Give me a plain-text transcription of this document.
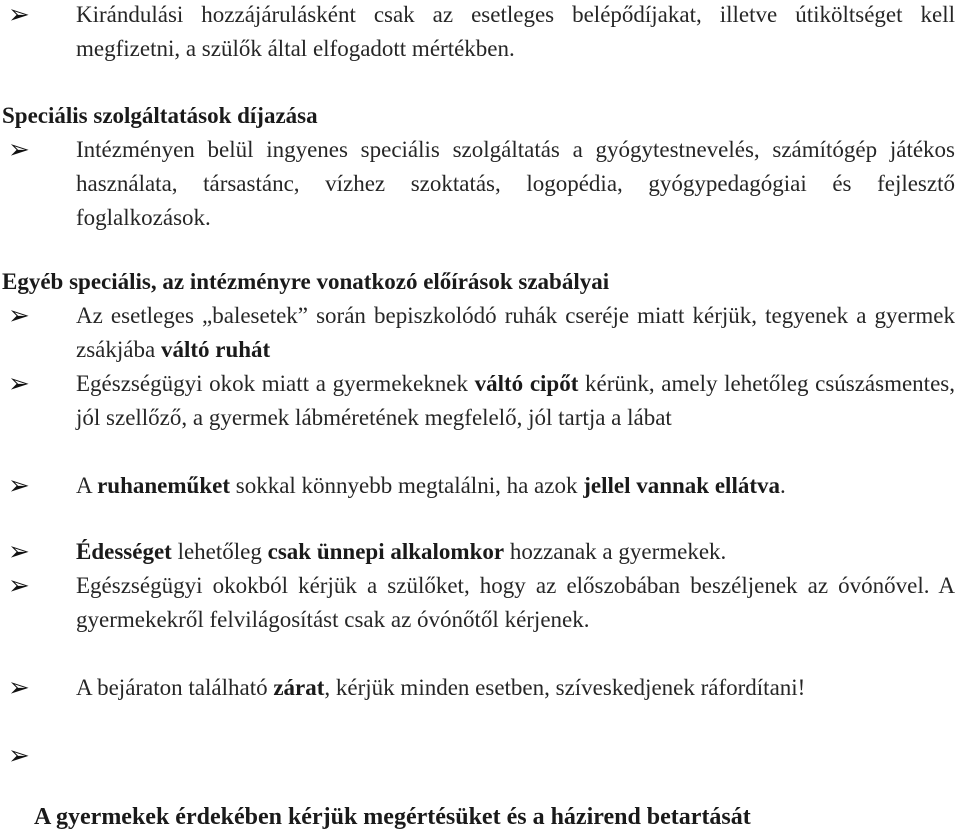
➢	Kirándulási hozzájárulásként csak az esetleges belépődíjakat, illetve útiköltséget kell megfizetni, a szülők által elfogadott mértékben.
Speciális szolgáltatások díjazása
➢	Intézményen belül ingyenes speciális szolgáltatás a gyógytestnevelés, számítógép játékos használata, társastánc, vízhez szoktatás, logopédia, gyógypedagógiai és fejlesztő foglalkozások.
Egyéb speciális, az intézményre vonatkozó előírások szabályai
➢	Az esetleges „balesetek” során bepiszkolódó ruhák cseréje miatt kérjük, tegyenek a gyermek zsákjába váltó ruhát
➢	Egészségügyi okok miatt a gyermekeknek váltó cipőt kérünk, amely lehetőleg csúszásmentes, jól szellőző, a gyermek lábméretének megfelelő, jól tartja a lábat
➢	A ruhaneműket sokkal könnyebb megtalálni, ha azok jellel vannak ellátva.
➢	Édességet lehetőleg csak ünnepi alkalomkor hozzanak a gyermekek.
➢	Egészségügyi okokból kérjük a szülőket, hogy az előszobában beszéljenek az óvónővel. A gyermekekről felvilágosítást csak az óvónőtől kérjenek.
➢	A bejáraton található zárat, kérjük minden esetben, szíveskedjenek ráfordítani!
➢
A gyermekek érdekében kérjük megértésüket és a házirend betartását
